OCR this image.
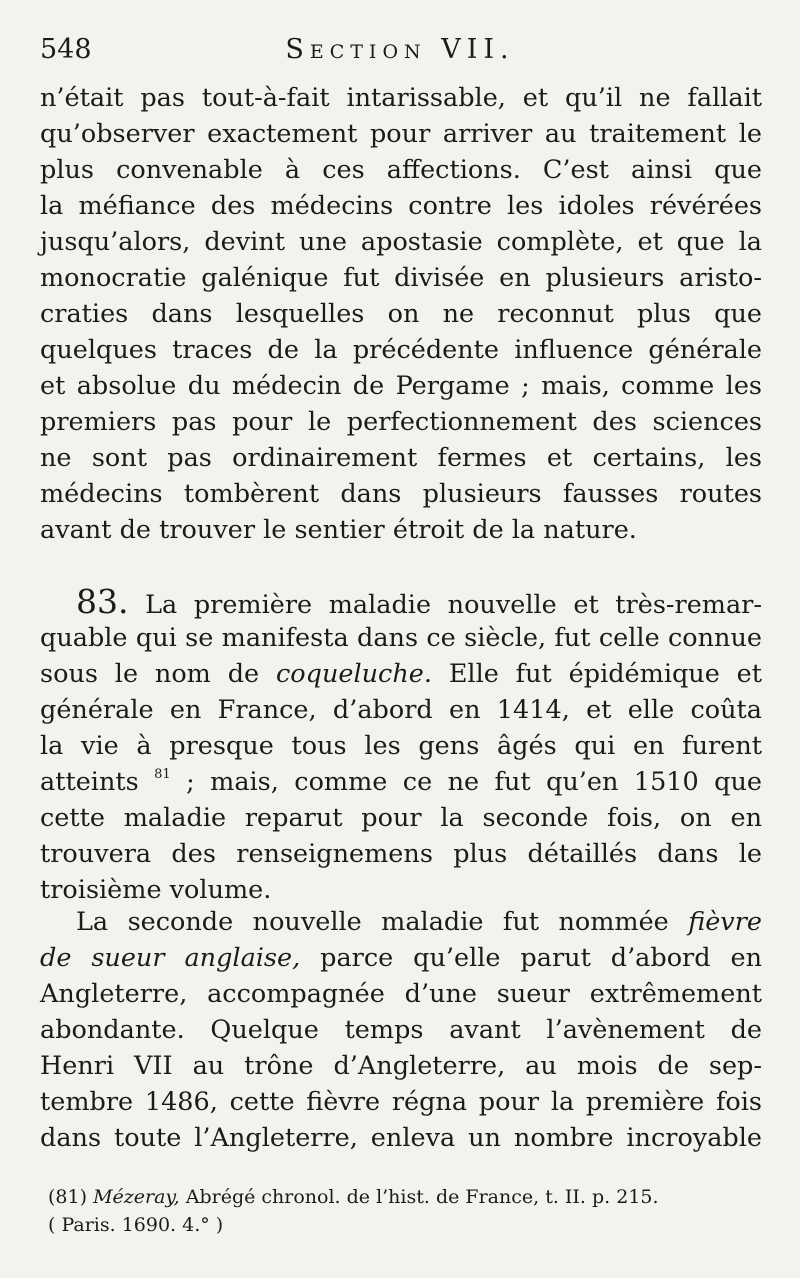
548	Section VII.
n’était pas tout-à-fait intarissable, et qu’il ne fallait
qu’observer exactement pour arriver au traitement le
plus convenable à ces affections. C’est ainsi que
la méfiance des médecins contre les idoles révérées
jusqu’alors, devint une apostasie complète, et que la
monocratie galénique fut divisée en plusieurs aristo-
craties dans lesquelles on ne reconnut plus que
quelques traces de la précédente influence générale
et absolue du médecin de Pergame ; mais, comme les
premiers pas pour le perfectionnement des sciences
ne sont pas ordinairement fermes et certains, les
médecins tombèrent dans plusieurs fausses routes
avant de trouver le sentier étroit de la nature.
83. La première maladie nouvelle et très-remar-
quable qui se manifesta dans ce siècle, fut celle connue
sous le nom de coqueluche. Elle fut épidémique et
générale en France, d’abord en 1414, et elle coûta
la vie à presque tous les gens âgés qui en furent
atteints $^{81}$ ; mais, comme ce ne fut qu’en 1510 que
cette maladie reparut pour la seconde fois, on en
trouvera des renseignemens plus détaillés dans le
troisième volume.
La seconde nouvelle maladie fut nommée fièvre
de sueur anglaise, parce qu’elle parut d’abord en
Angleterre, accompagnée d’une sueur extrêmement
abondante. Quelque temps avant l’avènement de
Henri VII au trône d’Angleterre, au mois de sep-
tembre 1486, cette fièvre régna pour la première fois
dans toute l’Angleterre, enleva un nombre incroyable
(81) Mézeray, Abrégé chronol. de l’hist. de France, t. II. p. 215.
( Paris. 1690. 4.° )
